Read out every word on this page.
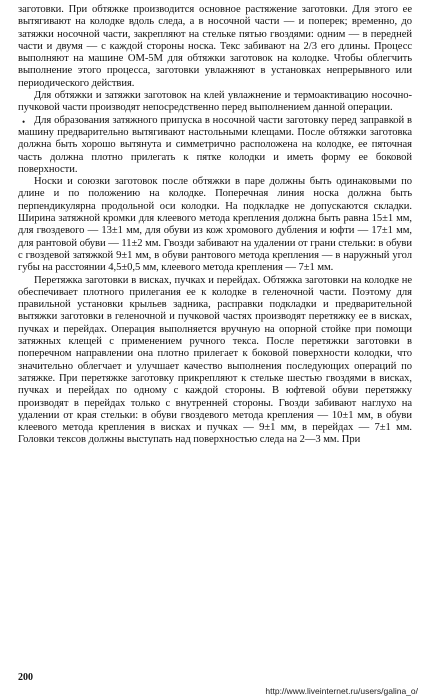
заготовки. При обтяжке производится основное растяжение заготовки. Для этого ее вытягивают на колодке вдоль следа, а в носочной части — и поперек; временно, до затяжки носочной части, закрепляют на стельке пятью гвоздями: одним — в передней части и двумя — с каждой стороны носка. Текс забивают на 2/3 его длины. Процесс выполняют на машине ОМ-5М для обтяжки заготовок на колодке. Чтобы облегчить выполнение этого процесса, заготовки увлажняют в установках непрерывного или периодического действия.

Для обтяжки и затяжки заготовок на клей увлажнение и термоактивацию носочно-пучковой части производят непосредственно перед выполнением данной операции.

• Для образования затяжного припуска в носочной части заготовку перед заправкой в машину предварительно вытягивают настольными клещами. После обтяжки заготовка должна быть хорошо вытянута и симметрично расположена на колодке, ее пяточная часть должна плотно прилегать к пятке колодки и иметь форму ее боковой поверхности.

Носки и союзки заготовок после обтяжки в паре должны быть одинаковыми по длине и по положению на колодке. Поперечная линия носка должна быть перпендикулярна продольной оси колодки. На подкладке не допускаются складки. Ширина затяжной кромки для клеевого метода крепления должна быть равна 15±1 мм, для гвоздевого — 13±1 мм, для обуви из кож хромового дубления и юфти — 17±1 мм, для рантовой обуви — 11±2 мм. Гвозди забивают на удалении от грани стельки: в обуви с гвоздевой затяжкой 9±1 мм, в обуви рантового метода крепления — в наружный угол губы на расстоянии 4,5±0,5 мм, клеевого метода крепления — 7±1 мм.

Перетяжка заготовки в висках, пучках и перейдах. Обтяжка заготовки на колодке не обеспечивает плотного прилегания ее к колодке в геленочной части. Поэтому для правильной установки крыльев задника, расправки подкладки и предварительной вытяжки заготовки в геленочной и пучковой частях производят перетяжку ее в висках, пучках и перейдах. Операция выполняется вручную на опорной стойке при помощи затяжных клещей с применением ручного текса. После перетяжки заготовки в поперечном направлении она плотно прилегает к боковой поверхности колодки, что значительно облегчает и улучшает качество выполнения последующих операций по затяжке. При перетяжке заготовку прикрепляют к стельке шестью гвоздями в висках, пучках и перейдах по одному с каждой стороны. В юфтевой обуви перетяжку производят в перейдах только с внутренней стороны. Гвозди забивают наглухо на удалении от края стельки: в обуви гвоздевого метода крепления — 10±1 мм, в обуви клеевого метода крепления в висках и пучках — 9±1 мм, в перейдах — 7±1 мм. Головки тексов должны выступать над поверхностью следа на 2—3 мм. При

200
http://www.liveinternet.ru/users/galina_o/
